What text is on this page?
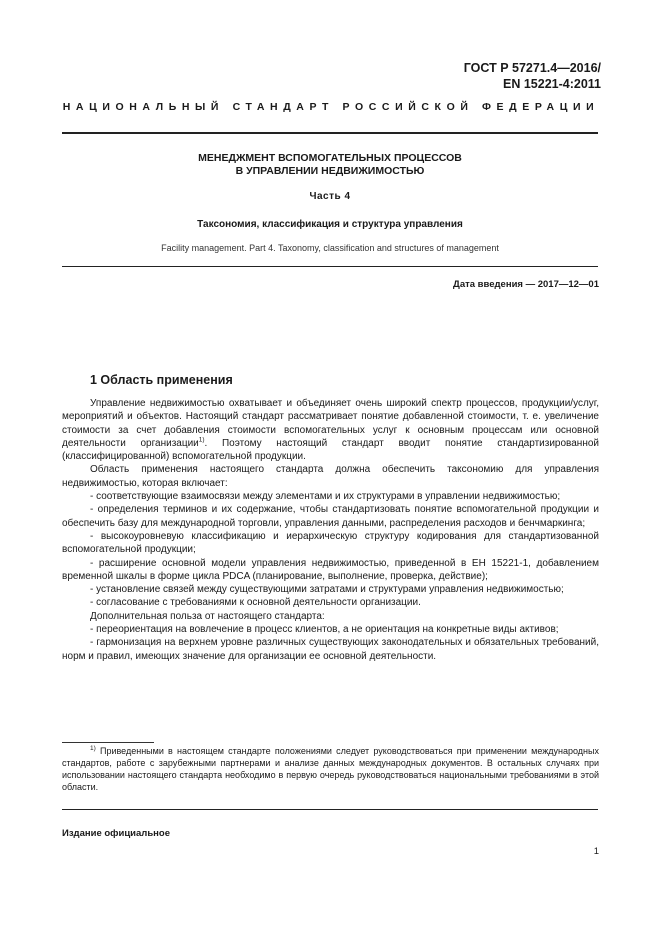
ГОСТ Р 57271.4—2016/
EN 15221-4:2011
НАЦИОНАЛЬНЫЙ СТАНДАРТ РОССИЙСКОЙ ФЕДЕРАЦИИ
МЕНЕДЖМЕНТ ВСПОМОГАТЕЛЬНЫХ ПРОЦЕССОВ
В УПРАВЛЕНИИ НЕДВИЖИМОСТЬЮ
Часть 4
Таксономия, классификация и структура управления
Facility management. Part 4. Taxonomy, classification and structures of management
Дата введения — 2017—12—01
1 Область применения

Управление недвижимостью охватывает и объединяет очень широкий спектр процессов, продукции/услуг, мероприятий и объектов. Настоящий стандарт рассматривает понятие добавленной стоимости, т. е. увеличение стоимости за счет добавления стоимости вспомогательных услуг к основным процессам или основной деятельности организации$^{1)}$. Поэтому настоящий стандарт вводит понятие стандартизированной (классифицированной) вспомогательной продукции.

Область применения настоящего стандарта должна обеспечить таксономию для управления недвижимостью, которая включает:

- соответствующие взаимосвязи между элементами и их структурами в управлении недвижимостью;

- определения терминов и их содержание, чтобы стандартизовать понятие вспомогательной продукции и обеспечить базу для международной торговли, управления данными, распределения расходов и бенчмаркинга;

- высокоуровневую классификацию и иерархическую структуру кодирования для стандартизованной вспомогательной продукции;

- расширение основной модели управления недвижимостью, приведенной в ЕН 15221-1, добавлением временной шкалы в форме цикла PDCA (планирование, выполнение, проверка, действие);

- установление связей между существующими затратами и структурами управления недвижимостью;

- согласование с требованиями к основной деятельности организации.

Дополнительная польза от настоящего стандарта:

- переориентация на вовлечение в процесс клиентов, а не ориентация на конкретные виды активов;

- гармонизация на верхнем уровне различных существующих законодательных и обязательных требований, норм и правил, имеющих значение для организации ее основной деятельности.

$^{1)}$ Приведенными в настоящем стандарте положениями следует руководствоваться при применении международных стандартов, работе с зарубежными партнерами и анализе данных международных документов. В остальных случаях при использовании настоящего стандарта необходимо в первую очередь руководствоваться национальными требованиями в этой области.

Издание официальное
1
